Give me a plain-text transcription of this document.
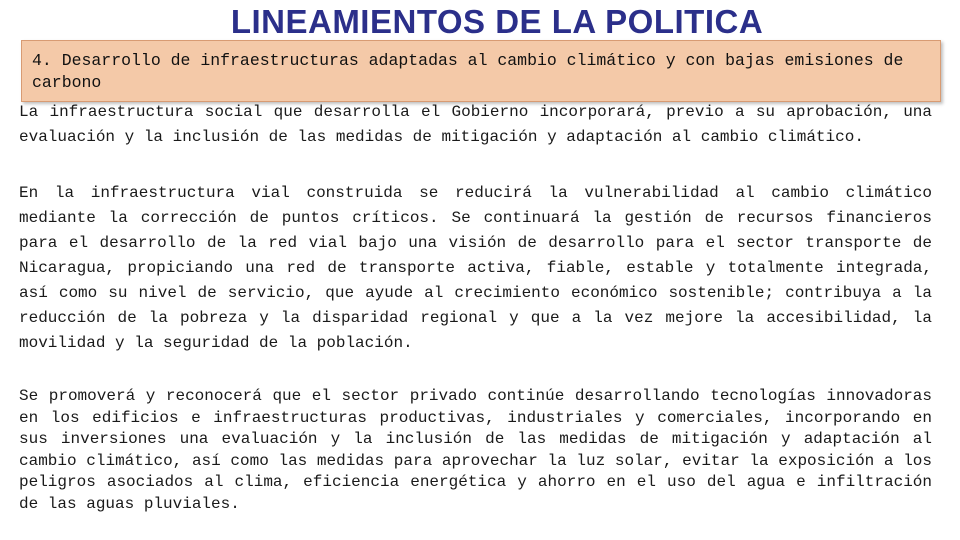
LINEAMIENTOS DE LA POLITICA
4. Desarrollo de infraestructuras adaptadas al cambio climático y con bajas emisiones de carbono

La infraestructura social que desarrolla el Gobierno incorporará, previo a su aprobación, una evaluación y la inclusión de las medidas de mitigación y adaptación al cambio climático.

En la infraestructura vial construida se reducirá la vulnerabilidad al cambio climático mediante la corrección de puntos críticos. Se continuará la gestión de recursos financieros para el desarrollo de la red vial bajo una visión de desarrollo para el sector transporte de Nicaragua, propiciando una red de transporte activa, fiable, estable y totalmente integrada, así como su nivel de servicio, que ayude al crecimiento económico sostenible; contribuya a la reducción de la pobreza y la disparidad regional y que a la vez mejore la accesibilidad, la movilidad y la seguridad de la población.

Se promoverá y reconocerá que el sector privado continúe desarrollando tecnologías innovadoras en los edificios e infraestructuras productivas, industriales y comerciales, incorporando en sus inversiones una evaluación y la inclusión de las medidas de mitigación y adaptación al cambio climático, así como las medidas para aprovechar la luz solar, evitar la exposición a los peligros asociados al clima, eficiencia energética y ahorro en el uso del agua e infiltración de las aguas pluviales.
